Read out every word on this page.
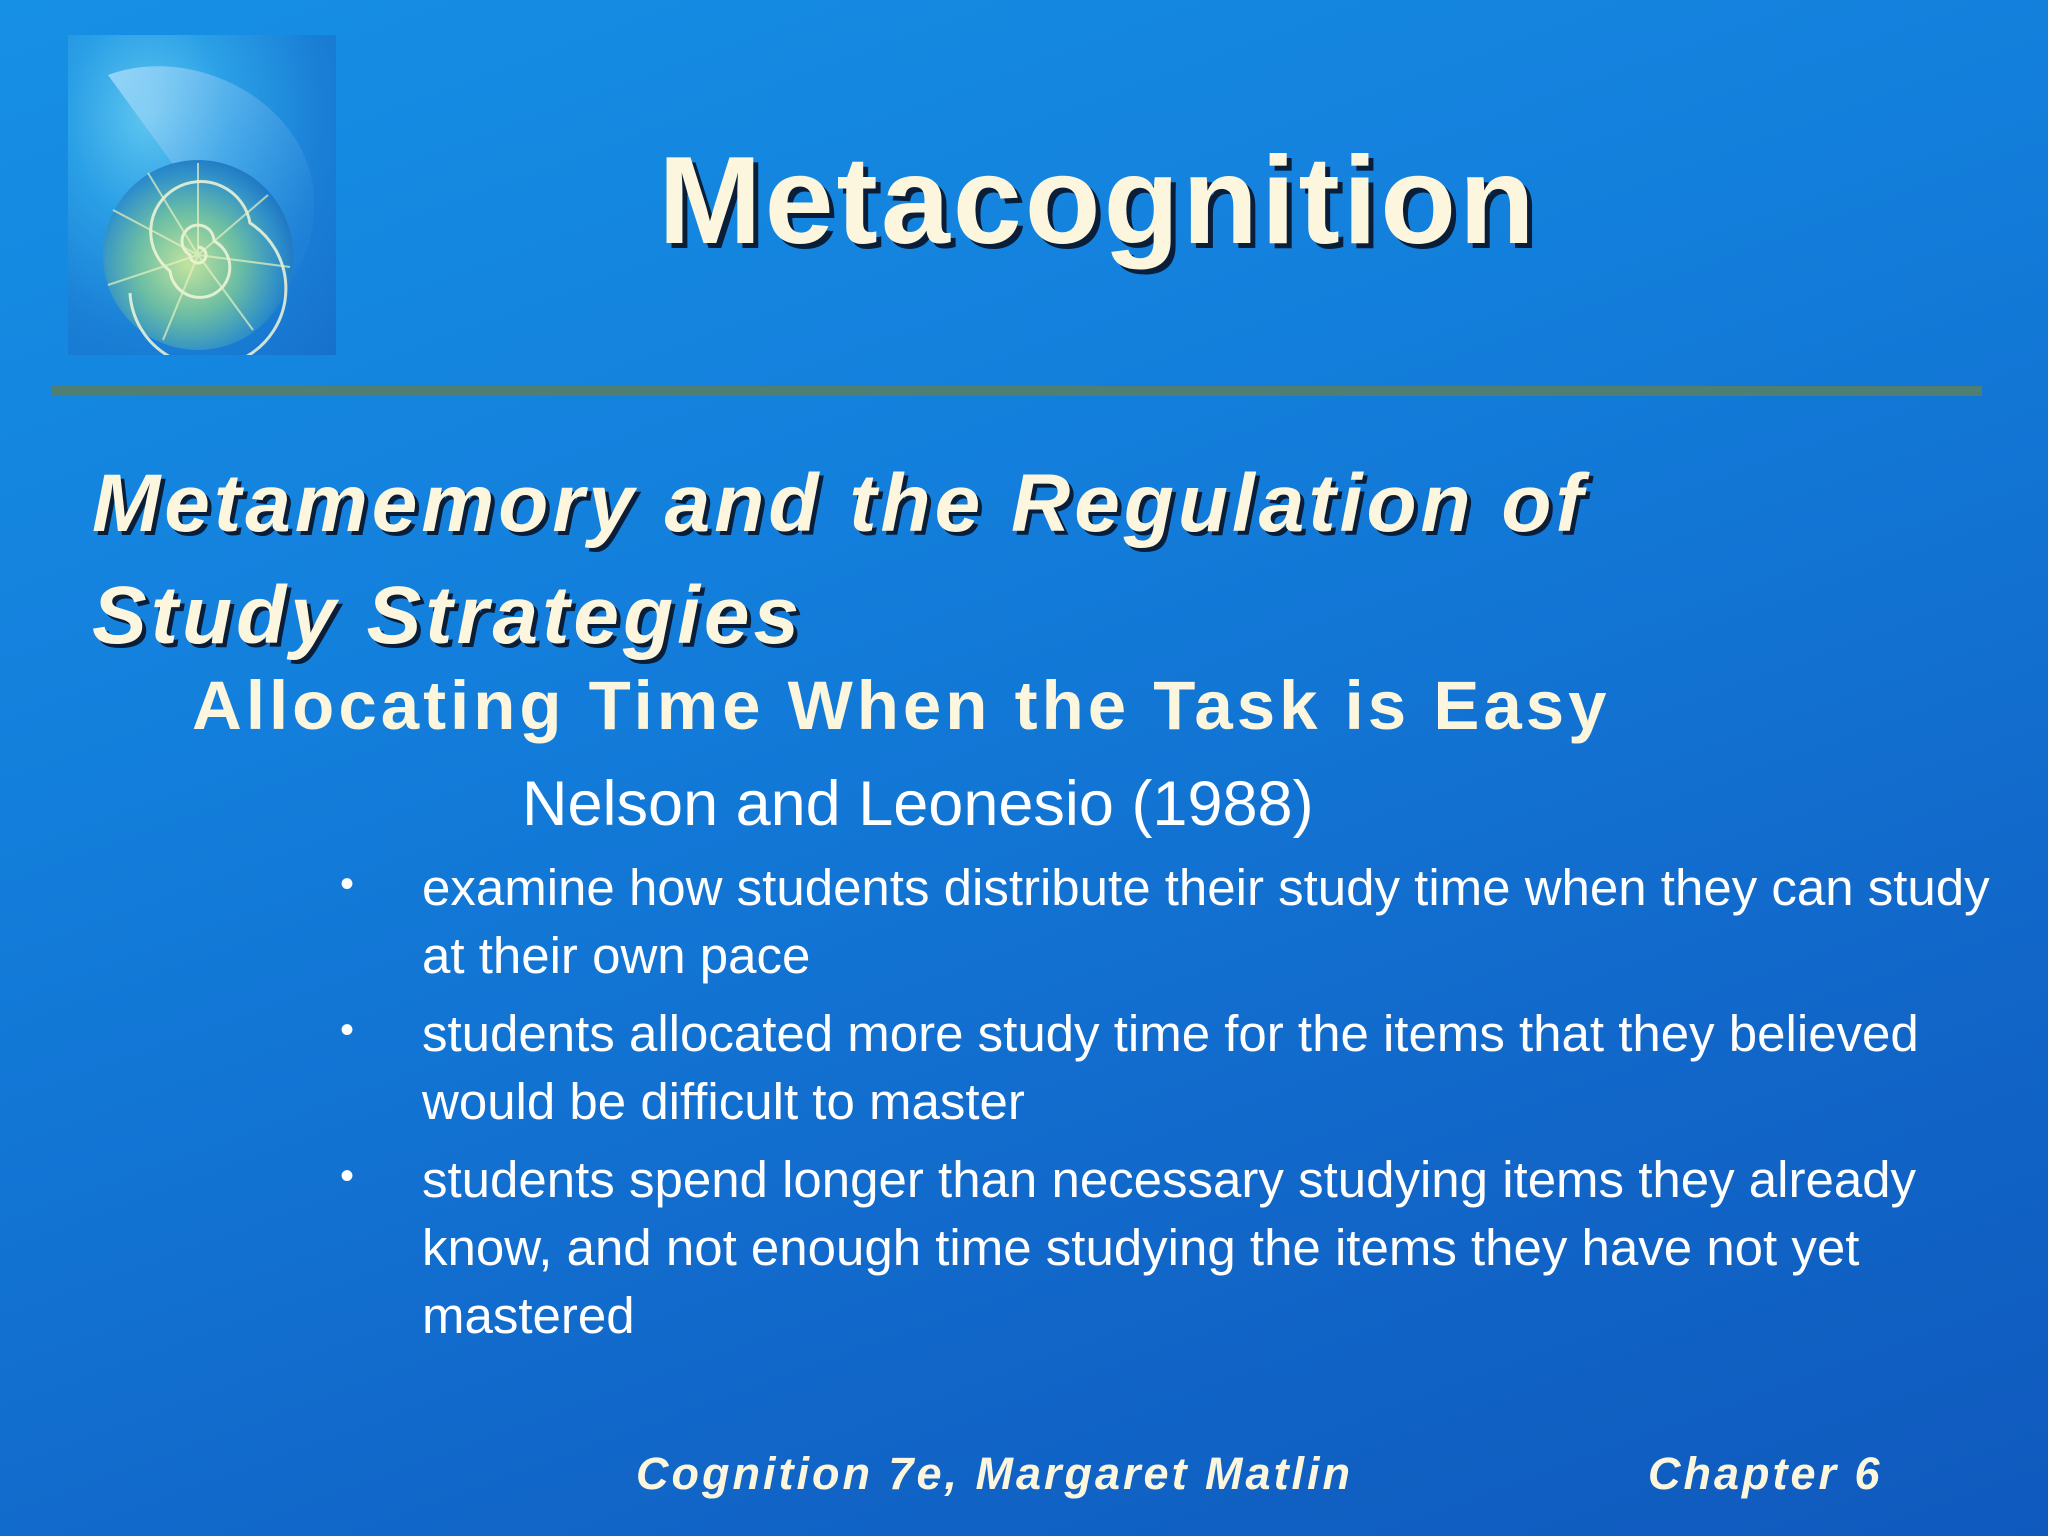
Metacognition
Metamemory and the Regulation of
Study Strategies
Allocating Time When the Task is Easy
Nelson and Leonesio (1988)
• examine how students distribute their study time when they can study at their own pace
• students allocated more study time for the items that they believed would be difficult to master
• students spend longer than necessary studying items they already know, and not enough time studying the items they have not yet mastered
Cognition 7e, Margaret Matlin	Chapter 6
